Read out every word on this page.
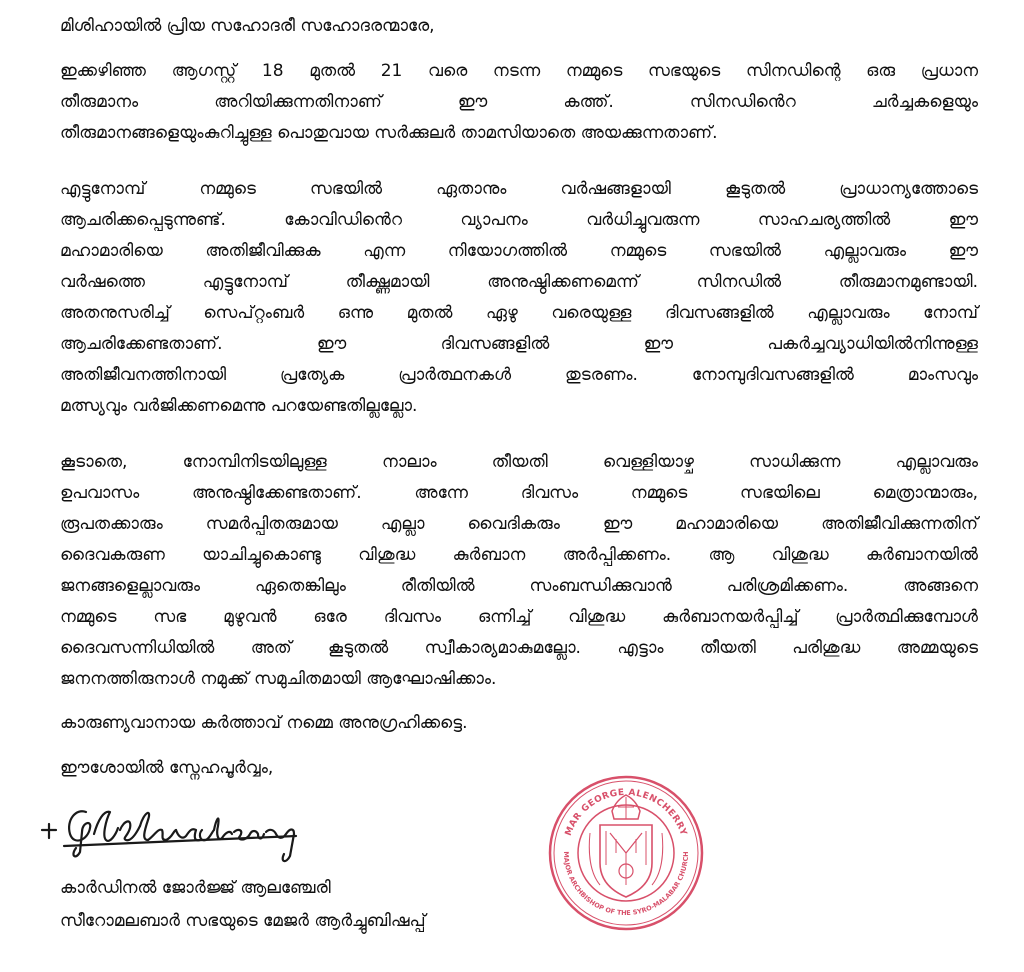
മിശിഹായിൽ പ്രിയ സഹോദരീ സഹോദരന്മാരേ,
ഇക്കഴിഞ്ഞ ആഗസ്റ്റ് 18 മുതൽ 21 വരെ നടന്ന നമ്മുടെ സഭയുടെ സിനഡിന്റെ ഒരു പ്രധാന
തീരുമാനം അറിയിക്കുന്നതിനാണ് ഈ കത്ത്. സിനഡിൻെറ ചർച്ചകളെയും
തീരുമാനങ്ങളെയുംകുറിച്ചുള്ള പൊതുവായ സർക്കുലർ താമസിയാതെ അയക്കുന്നതാണ്.
എട്ടുനോമ്പ് നമ്മുടെ സഭയിൽ ഏതാനും വർഷങ്ങളായി കൂടുതൽ പ്രാധാന്യത്തോടെ
ആചരിക്കപ്പെടുന്നുണ്ട്. കോവിഡിൻെറ വ്യാപനം വർധിച്ചുവരുന്ന സാഹചര്യത്തിൽ ഈ
മഹാമാരിയെ അതിജീവിക്കുക എന്ന നിയോഗത്തിൽ നമ്മുടെ സഭയിൽ എല്ലാവരും ഈ
വർഷത്തെ എട്ടുനോമ്പ് തീക്ഷ്ണമായി അനുഷ്ഠിക്കണമെന്ന് സിനഡിൽ തീരുമാനമുണ്ടായി.
അതനുസരിച്ച് സെപ്റ്റംബർ ഒന്നു മുതൽ ഏഴു വരെയുള്ള ദിവസങ്ങളിൽ എല്ലാവരും നോമ്പ്
ആചരിക്കേണ്ടതാണ്. ഈ ദിവസങ്ങളിൽ ഈ പകർച്ചവ്യാധിയിൽനിന്നുള്ള
അതിജീവനത്തിനായി പ്രത്യേക പ്രാർത്ഥനകൾ തുടരണം. നോമ്പുദിവസങ്ങളിൽ മാംസവും
മത്സ്യവും വർജിക്കണമെന്നു പറയേണ്ടതില്ലല്ലോ.
കൂടാതെ, നോമ്പിനിടയിലുള്ള നാലാം തീയതി വെള്ളിയാഴ്ച സാധിക്കുന്ന എല്ലാവരും
ഉപവാസം അനുഷ്ഠിക്കേണ്ടതാണ്. അന്നേ ദിവസം നമ്മുടെ സഭയിലെ മെത്രാന്മാരും,
രൂപതക്കാരും സമർപ്പിതരുമായ എല്ലാ വൈദികരും ഈ മഹാമാരിയെ അതിജീവിക്കുന്നതിന്
ദൈവകരുണ യാചിച്ചുകൊണ്ടു വിശുദ്ധ കുർബാന അർപ്പിക്കണം. ആ വിശുദ്ധ കുർബാനയിൽ
ജനങ്ങളെല്ലാവരും ഏതെങ്കിലും രീതിയിൽ സംബന്ധിക്കുവാൻ പരിശ്രമിക്കണം. അങ്ങനെ
നമ്മുടെ സഭ മുഴുവൻ ഒരേ ദിവസം ഒന്നിച്ച് വിശുദ്ധ കുർബാനയർപ്പിച്ച് പ്രാർത്ഥിക്കുമ്പോൾ
ദൈവസന്നിധിയിൽ അത് കൂടുതൽ സ്വീകാര്യമാകുമല്ലോ. എട്ടാം തീയതി പരിശുദ്ധ അമ്മയുടെ
ജനനത്തിരുനാൾ നമുക്ക് സമുചിതമായി ആഘോഷിക്കാം.
കാരുണ്യവാനായ കർത്താവ് നമ്മെ അനുഗ്രഹിക്കട്ടെ.
ഈശോയിൽ സ്നേഹപൂർവ്വം,
കാർഡിനൽ ജോർജ്ജ് ആലഞ്ചേരി
സീറോമലബാർ സഭയുടെ മേജർ ആർച്ചുബിഷപ്പ്
MAR GEORGE ALENCHERRY
MAJOR ARCHBISHOP OF THE SYRO-MALABAR CHURCH
